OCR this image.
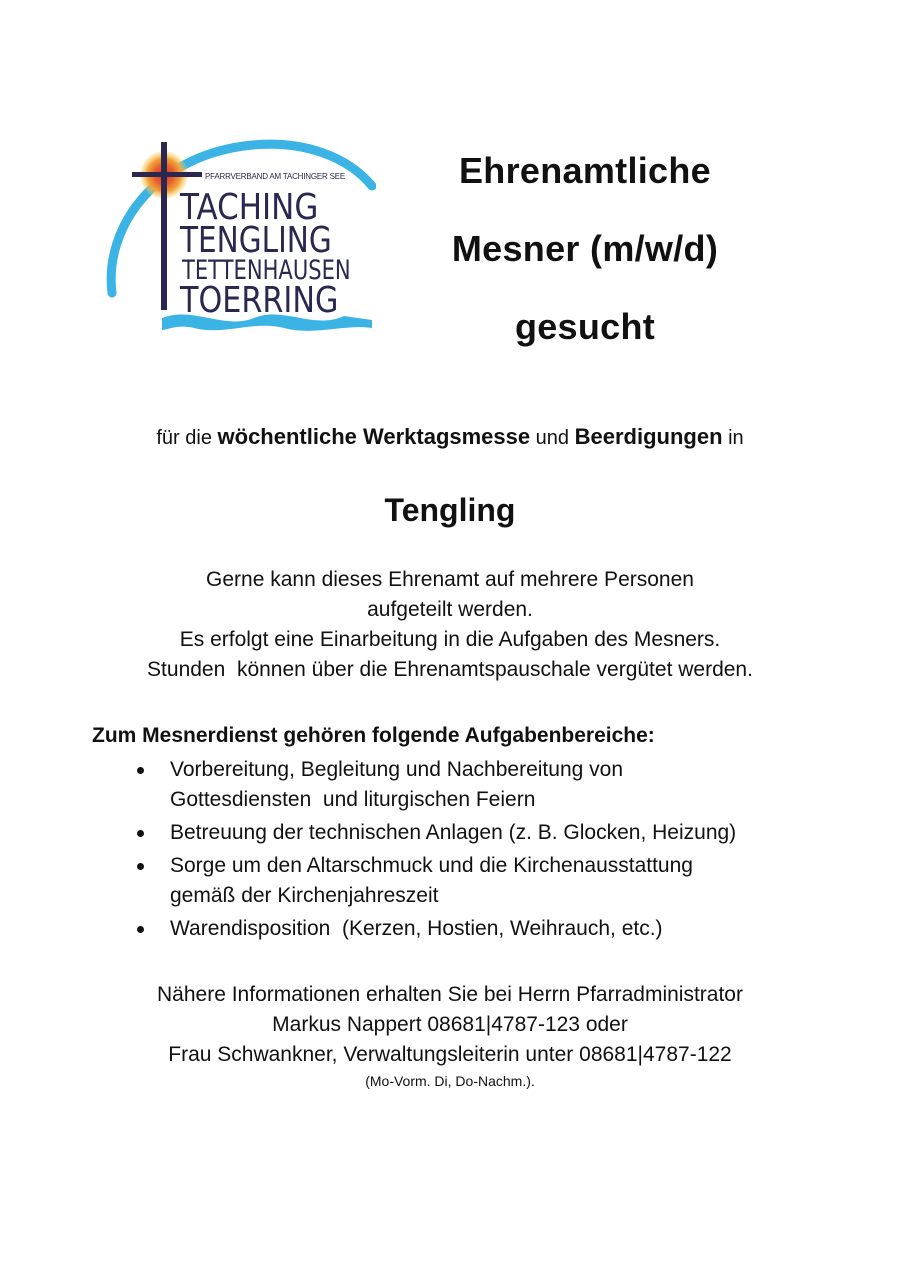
PFARRVERBAND AM TACHINGER SEE
TACHING
TENGLING
TETTENHAUSEN
TOERRING
Ehrenamtliche
Mesner (m/w/d)
gesucht
für die wöchentliche Werktagsmesse und Beerdigungen in
Tengling
Gerne kann dieses Ehrenamt auf mehrere Personen
aufgeteilt werden.
Es erfolgt eine Einarbeitung in die Aufgaben des Mesners.
Stunden  können über die Ehrenamtspauschale vergütet werden.
Zum Mesnerdienst gehören folgende Aufgabenbereiche:
Vorbereitung, Begleitung und Nachbereitung von
Gottesdiensten  und liturgischen Feiern
Betreuung der technischen Anlagen (z. B. Glocken, Heizung)
Sorge um den Altarschmuck und die Kirchenausstattung
gemäß der Kirchenjahreszeit
Warendisposition  (Kerzen, Hostien, Weihrauch, etc.)
Nähere Informationen erhalten Sie bei Herrn Pfarradministrator
Markus Nappert 08681|4787-123 oder
Frau Schwankner, Verwaltungsleiterin unter 08681|4787-122
(Mo-Vorm. Di, Do-Nachm.).
